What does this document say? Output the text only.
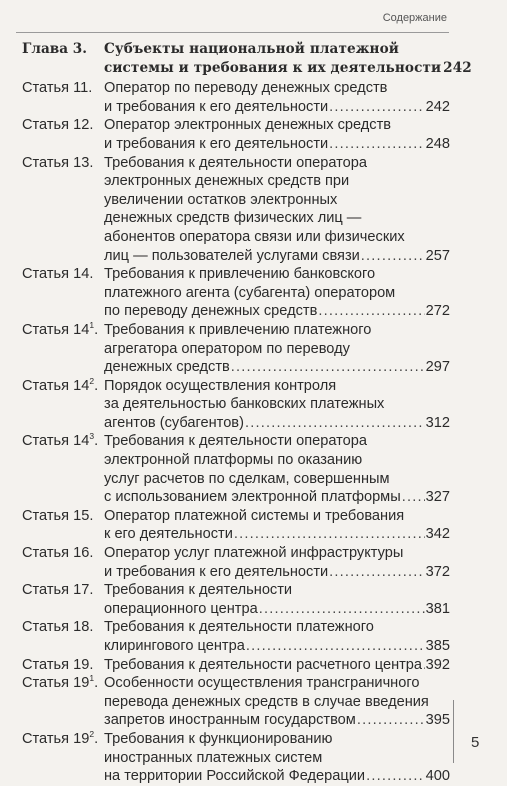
Содержание
Глава 3.	Субъекты национальной платежной
системы и требования к их деятельности 242
Статья 11. Оператор по переводу денежных средств
и требования к его деятельности .....	242
Статья 12. Оператор электронных денежных средств
и требования к его деятельности .....	248
Статья 13. Требования к деятельности оператора
электронных денежных средств при
увеличении остатков электронных
денежных средств физических лиц —
абонентов оператора связи или физических
лиц — пользователей услугами связи .....	257
Статья 14. Требования к привлечению банковского
платежного агента (субагента) оператором
по переводу денежных средств .....	272
Статья $14^1$. Требования к привлечению платежного
агрегатора оператором по переводу
денежных средств .....	297
Статья $14^2$. Порядок осуществления контроля
за деятельностью банковских платежных
агентов (субагентов) .....	312
Статья $14^3$. Требования к деятельности оператора
электронной платформы по оказанию
услуг расчетов по сделкам, совершенным
с использованием электронной платформы ..... 327
Статья 15. Оператор платежной системы и требования
к его деятельности .....	342
Статья 16. Оператор услуг платежной инфраструктуры
и требования к его деятельности .....	372
Статья 17. Требования к деятельности
операционного центра .....	381
Статья 18. Требования к деятельности платежного
клирингового центра .....	385
Статья 19. Требования к деятельности расчетного центра ..... 392
Статья $19^1$. Особенности осуществления трансграничного
перевода денежных средств в случае введения
запретов иностранным государством .....	395
Статья $19^2$. Требования к функционированию
иностранных платежных систем
на территории Российской Федерации .....	400
5
